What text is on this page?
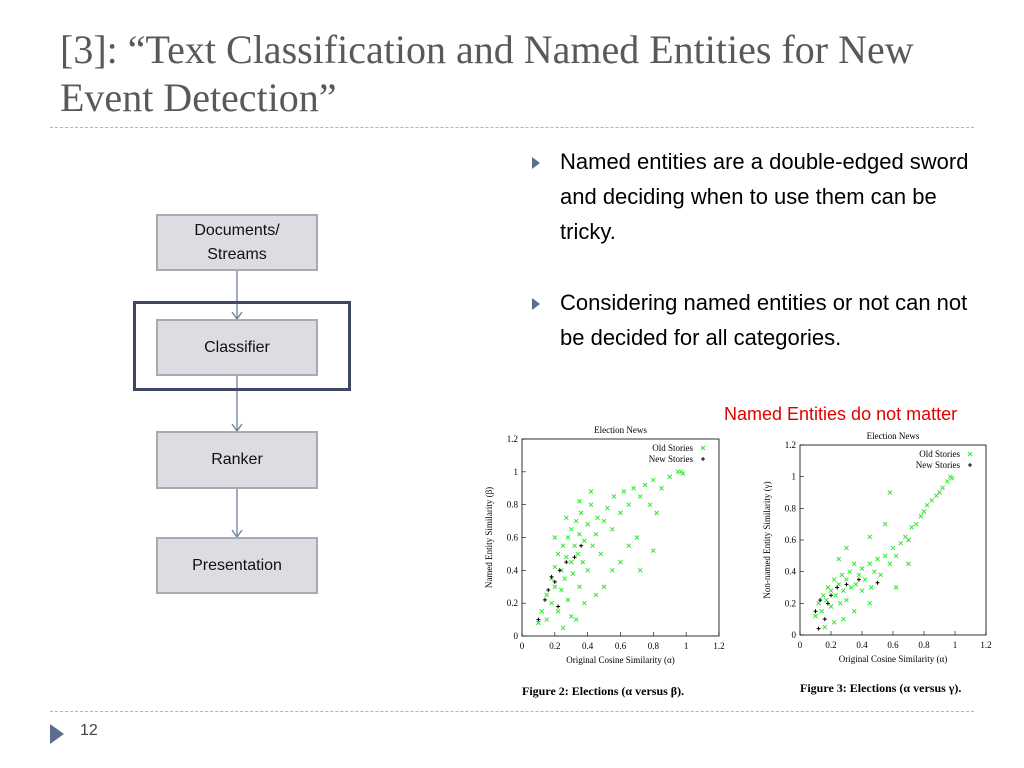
[3]: “Text Classification and Named Entities for New Event Detection”
Documents/ Streams
Classifier
Ranker
Presentation
Named entities are a double-edged sword and deciding when to use them can be tricky.
Considering named entities or not can not be decided for all categories.
Named Entities do not matter
Election News
0	0.2 0.4 0.6 0.8	1	1.2
0
0.2
0.4
0.6
0.8
1
1.2
Original Cosine Similarity (α)
Named Entity Similarity (β)
Old Stories
New Stories
Figure 2: Elections (α versus β).
Election News
0	0.2 0.4 0.6 0.8	1	1.2
0
0.2
0.4
0.6
0.8
1
1.2
Original Cosine Similarity (α)
Non-named Entity Similarity (γ)
Old Stories
New Stories
Figure 3: Elections (α versus γ).
12
